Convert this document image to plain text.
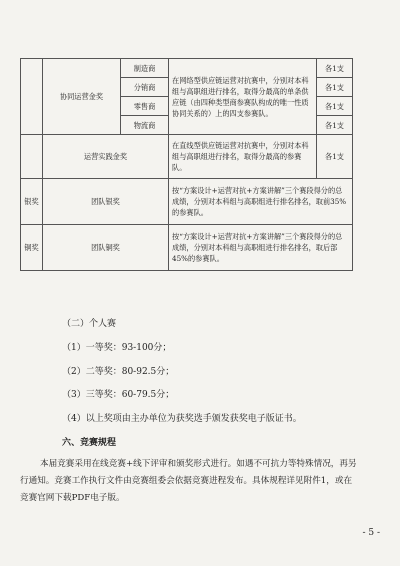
	协同运营金奖	制造商	在网络型供应链运营对抗赛中，分别对本科组与高职组进行排名，取得分最高的单条供应链（由四种类型商参赛队构成的唯一性质协同关系的）上的四支参赛队。	各1支
		分销商		各1支
		零售商		各1支
		物流商		各1支
	运营实践金奖		在直线型供应链运营对抗赛中，分别对本科组与高职组进行排名，取得分最高的参赛队。	各1支
银奖	团队银奖		按“方案设计+运营对抗+方案讲解”三个赛段得分的总成绩，分别对本科组与高职组进行排名排名，取前35%的参赛队。	
铜奖	团队铜奖		按“方案设计+运营对抗+方案讲解”三个赛段得分的总成绩，分别对本科组与高职组进行排名排名，取后部45%的参赛队。	
（二）个人赛
（1）一等奖：93-100分；
（2）二等奖：80-92.5分；
（3）三等奖：60-79.5分；
（4）以上奖项由主办单位为获奖选手颁发获奖电子版证书。
六、竞赛规程
本届竞赛采用在线竞赛+线下评审和颁奖形式进行。如遇不可抗力等特殊情况，再另行通知。竞赛工作执行文件由竞赛组委会依据竞赛进程发布。具体规程详见附件1，或在竞赛官网下载PDF电子版。
- 5 -
